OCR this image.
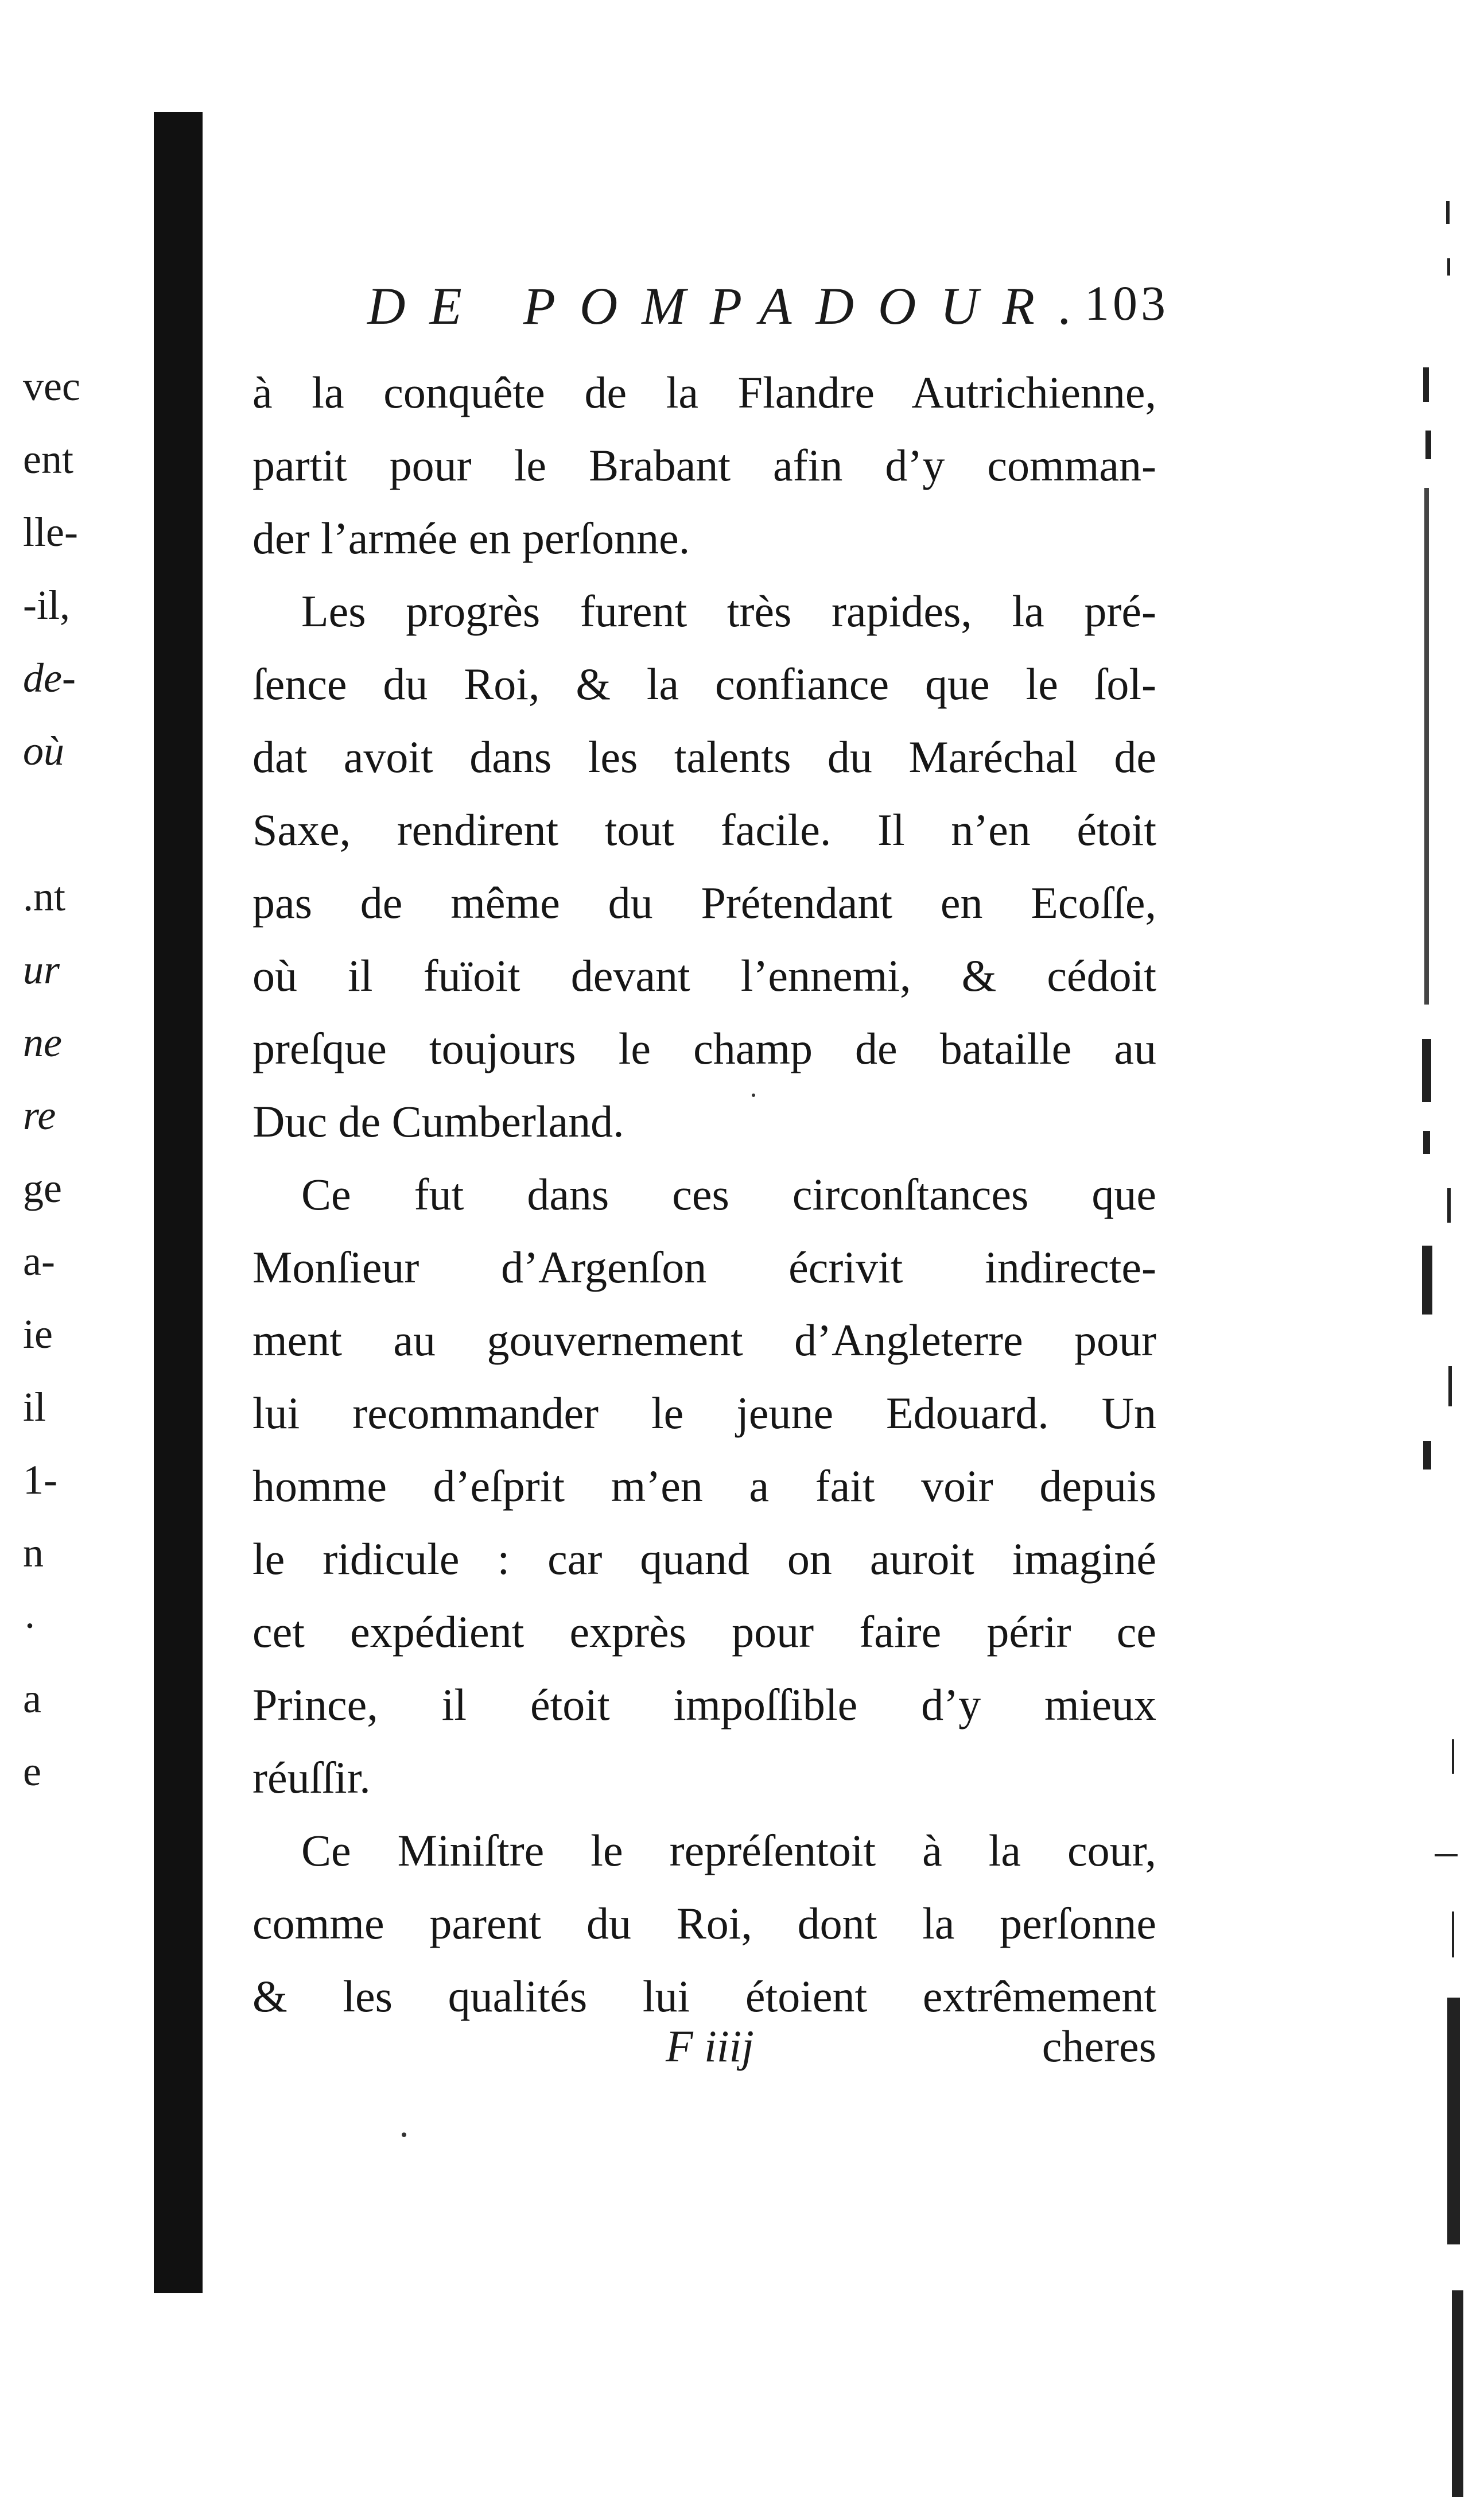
vec
ent
lle-
-il,
de-
où
.nt
ur
ne
re
ge
a-
ie
il
1-
n
·
a
e
DE POMPADOUR.
103
à la conquête de la Flandre Autrichienne,
partit pour le Brabant afin d’y comman-
der l’armée en perſonne.
Les progrès furent très rapides, la pré-
ſence du Roi, & la confiance que le ſol-
dat avoit dans les talents du Maréchal de
Saxe, rendirent tout facile. Il n’en étoit
pas de même du Prétendant en Ecoſſe,
où il fuïoit devant l’ennemi, & cédoit
preſque toujours le champ de bataille au
Duc de Cumberland.
Ce fut dans ces circonſtances que
Monſieur d’Argenſon écrivit indirecte-
ment au gouvernement d’Angleterre pour
lui recommander le jeune Edouard. Un
homme d’eſprit m’en a fait voir depuis
le ridicule : car quand on auroit imaginé
cet expédient exprès pour faire périr ce
Prince, il étoit impoſſible d’y mieux
réuſſir.
Ce Miniſtre le repréſentoit à la cour,
comme parent du Roi, dont la perſonne
& les qualités lui étoient extrêmement
F iiij	cheres
